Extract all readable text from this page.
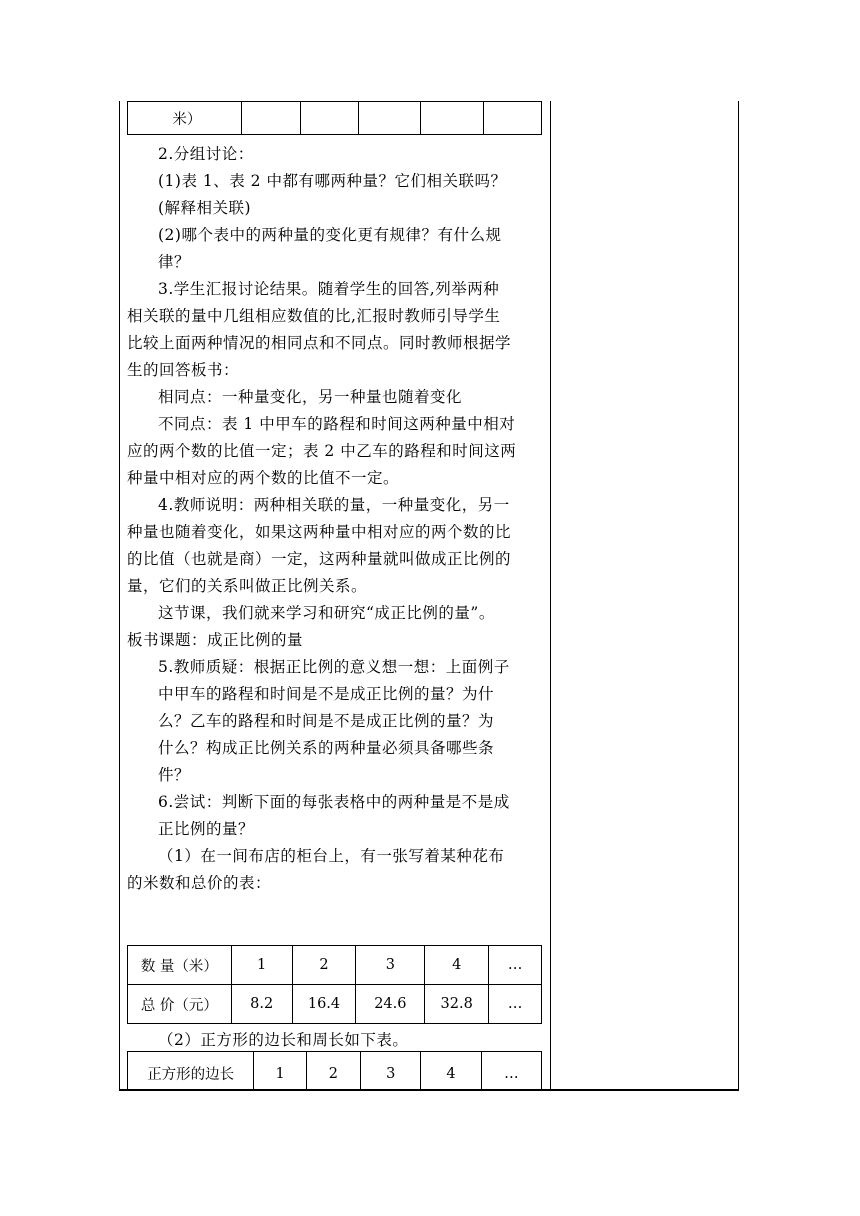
米）					

2.分组讨论：

(1)表 1、表 2 中都有哪两种量？它们相关联吗？

(解释相关联)

(2)哪个表中的两种量的变化更有规律？有什么规

律？

3.学生汇报讨论结果。随着学生的回答,列举两种

相关联的量中几组相应数值的比,汇报时教师引导学生

比较上面两种情况的相同点和不同点。同时教师根据学

生的回答板书：

相同点：一种量变化，另一种量也随着变化

不同点：表 1 中甲车的路程和时间这两种量中相对

应的两个数的比值一定；表 2 中乙车的路程和时间这两

种量中相对应的两个数的比值不一定。

4.教师说明：两种相关联的量，一种量变化，另一

种量也随着变化，如果这两种量中相对应的两个数的比

的比值（也就是商）一定，这两种量就叫做成正比例的

量，它们的关系叫做正比例关系。

这节课，我们就来学习和研究“成正比例的量”。

板书课题：成正比例的量

5.教师质疑：根据正比例的意义想一想：上面例子

中甲车的路程和时间是不是成正比例的量？为什

么？乙车的路程和时间是不是成正比例的量？为

什么？构成正比例关系的两种量必须具备哪些条

件？

6.尝试：判断下面的每张表格中的两种量是不是成

正比例的量？

（1）在一间布店的柜台上，有一张写着某种花布

的米数和总价的表：

数 量（米）	1	2	3	4	…
总 价（元）	8.2	16.4	24.6	32.8	…

（2）正方形的边长和周长如下表。

正方形的边长	1	2	3	4	…
